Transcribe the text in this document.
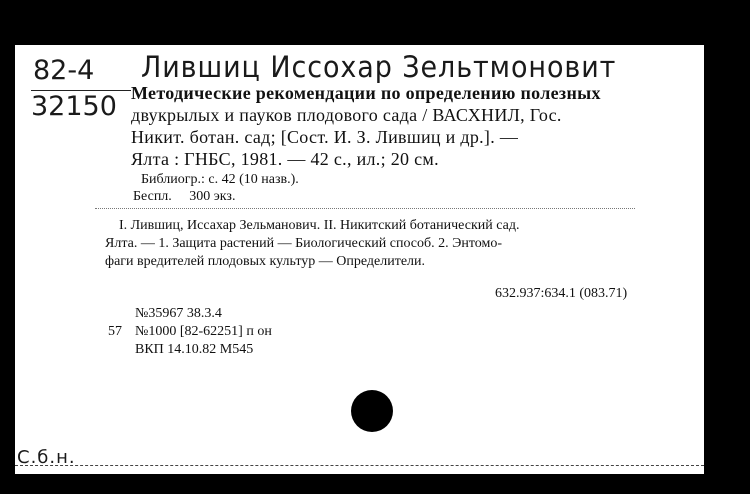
82-4
32150
Лившиц Иссохар Зельтмоновит
Методические рекомендации по определению полезных
двукрылых и пауков плодового сада / ВАСХНИЛ, Гос.
Никит. ботан. сад; [Сост. И. З. Лившиц и др.]. —
Ялта : ГНБС, 1981. — 42 с., ил.; 20 см.
Библиогр.: с. 42 (10 назв.).
Беспл.     300 экз.
I. Лившиц, Иссахар Зельманович. II. Никитский ботанический сад.
Ялта. — 1. Защита растений — Биологический способ. 2. Энтомо-
фаги вредителей плодовых культур — Определители.
632.937:634.1 (083.71)
№35967 38.3.4
57 №1000 [82-62251] п он
ВКП 14.10.82 М545
С.б.н.
